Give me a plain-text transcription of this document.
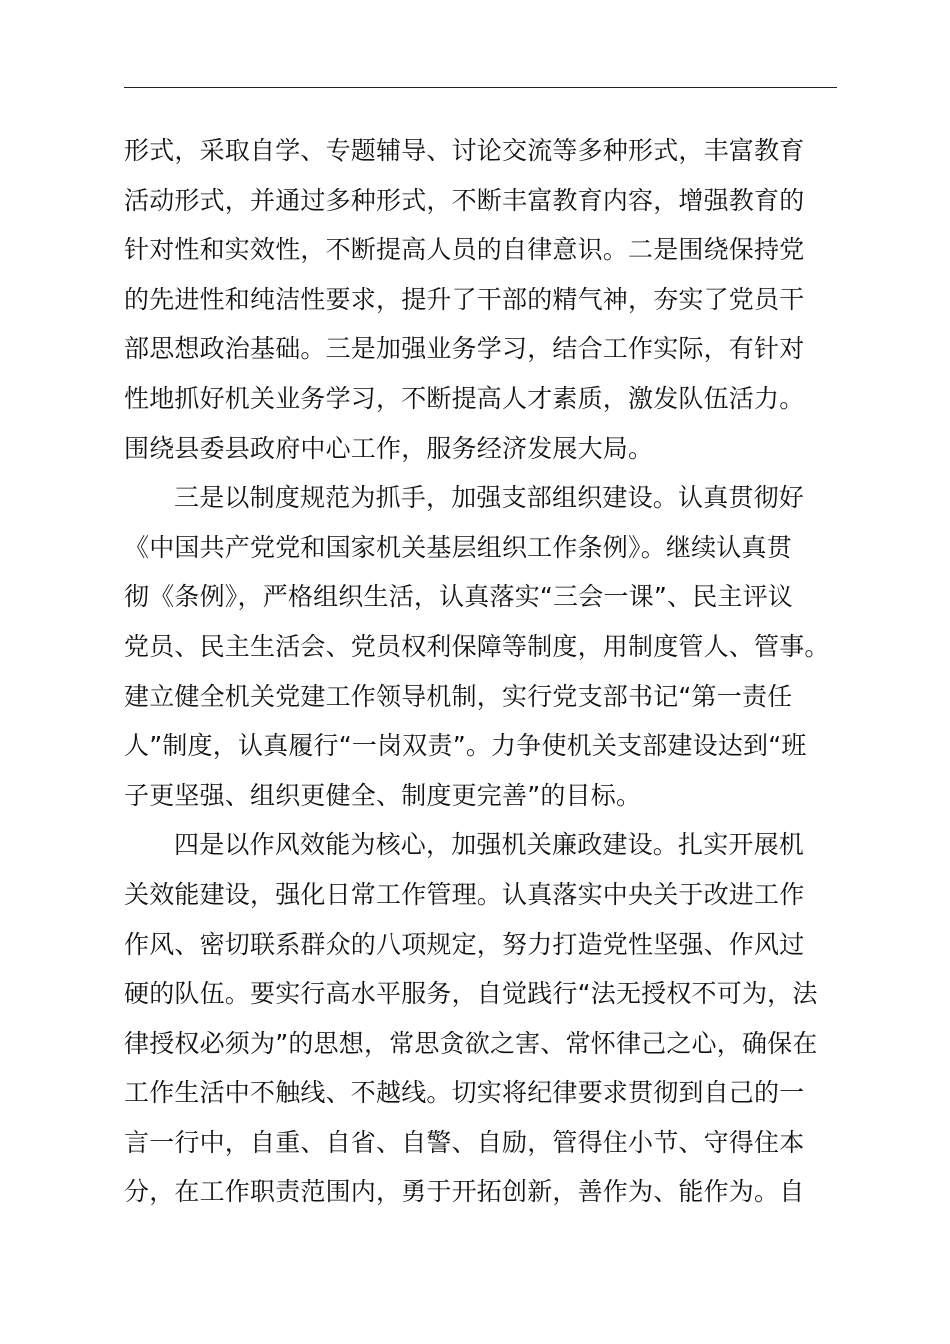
形式，采取自学、专题辅导、讨论交流等多种形式，丰富教育
活动形式，并通过多种形式，不断丰富教育内容，增强教育的
针对性和实效性，不断提高人员的自律意识。二是围绕保持党
的先进性和纯洁性要求，提升了干部的精气神，夯实了党员干
部思想政治基础。三是加强业务学习，结合工作实际，有针对
性地抓好机关业务学习，不断提高人才素质，激发队伍活力。
围绕县委县政府中心工作，服务经济发展大局。
三是以制度规范为抓手，加强支部组织建设。认真贯彻好
《中国共产党党和国家机关基层组织工作条例》。继续认真贯
彻《条例》，严格组织生活，认真落实“三会一课”、民主评议
党员、民主生活会、党员权利保障等制度，用制度管人、管事。
建立健全机关党建工作领导机制，实行党支部书记“第一责任
人”制度，认真履行“一岗双责”。力争使机关支部建设达到“班
子更坚强、组织更健全、制度更完善”的目标。
四是以作风效能为核心，加强机关廉政建设。扎实开展机
关效能建设，强化日常工作管理。认真落实中央关于改进工作
作风、密切联系群众的八项规定，努力打造党性坚强、作风过
硬的队伍。要实行高水平服务，自觉践行“法无授权不可为，法
律授权必须为”的思想，常思贪欲之害、常怀律己之心，确保在
工作生活中不触线、不越线。切实将纪律要求贯彻到自己的一
言一行中，自重、自省、自警、自励，管得住小节、守得住本
分，在工作职责范围内，勇于开拓创新，善作为、能作为。自
